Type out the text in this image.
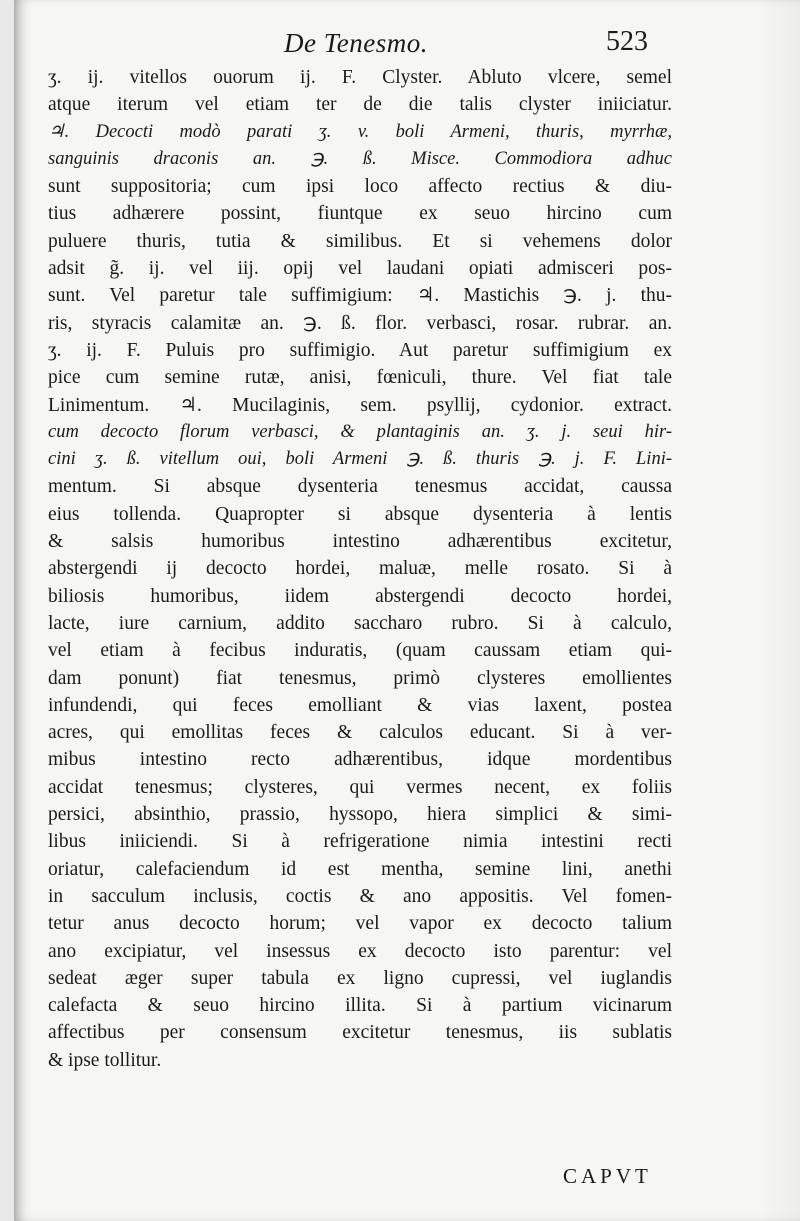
De Tenesmo.	523
ʒ. ij. vitellos ouorum ij. F. Clyster. Abluto vlcere, semel
atque iterum vel etiam ter de die talis clyster iniiciatur.
♃. Decocti modò parati ʒ. v. boli Armeni, thuris, myrrhæ,
sanguinis draconis an. ℈. ß. Misce. Commodiora adhuc
sunt suppositoria; cum ipsi loco affecto rectius & diu-
tius adhærere possint, fiuntque ex seuo hircino cum
puluere thuris, tutia & similibus. Et si vehemens dolor
adsit g̃. ij. vel iij. opij vel laudani opiati admisceri pos-
sunt. Vel paretur tale suffimigium: ♃. Mastichis ℈. j. thu-
ris, styracis calamitæ an. ℈. ß. flor. verbasci, rosar. rubrar. an.
ʒ. ij. F. Puluis pro suffimigio. Aut paretur suffimigium ex
pice cum semine rutæ, anisi, fœniculi, thure. Vel fiat tale
Linimentum. ♃. Mucilaginis, sem. psyllij, cydonior. extract.
cum decocto florum verbasci, & plantaginis an. ʒ. j. seui hir-
cini ʒ. ß. vitellum oui, boli Armeni ℈. ß. thuris ℈. j. F. Lini-
mentum. Si absque dysenteria tenesmus accidat, caussa
eius tollenda. Quapropter si absque dysenteria à lentis
& salsis humoribus intestino adhærentibus excitetur,
abstergendi ij decocto hordei, maluæ, melle rosato. Si à
biliosis humoribus, iidem abstergendi decocto hordei,
lacte, iure carnium, addito saccharo rubro. Si à calculo,
vel etiam à fecibus induratis, (quam caussam etiam qui-
dam ponunt) fiat tenesmus, primò clysteres emollientes
infundendi, qui feces emolliant & vias laxent, postea
acres, qui emollitas feces & calculos educant. Si à ver-
mibus intestino recto adhærentibus, idque mordentibus
accidat tenesmus; clysteres, qui vermes necent, ex foliis
persici, absinthio, prassio, hyssopo, hiera simplici & simi-
libus iniiciendi. Si à refrigeratione nimia intestini recti
oriatur, calefaciendum id est mentha, semine lini, anethi
in sacculum inclusis, coctis & ano appositis. Vel fomen-
tetur anus decocto horum; vel vapor ex decocto talium
ano excipiatur, vel insessus ex decocto isto parentur: vel
sedeat æger super tabula ex ligno cupressi, vel iuglandis
calefacta & seuo hircino illita. Si à partium vicinarum
affectibus per consensum excitetur tenesmus, iis sublatis
& ipse tollitur.
CAPVT
